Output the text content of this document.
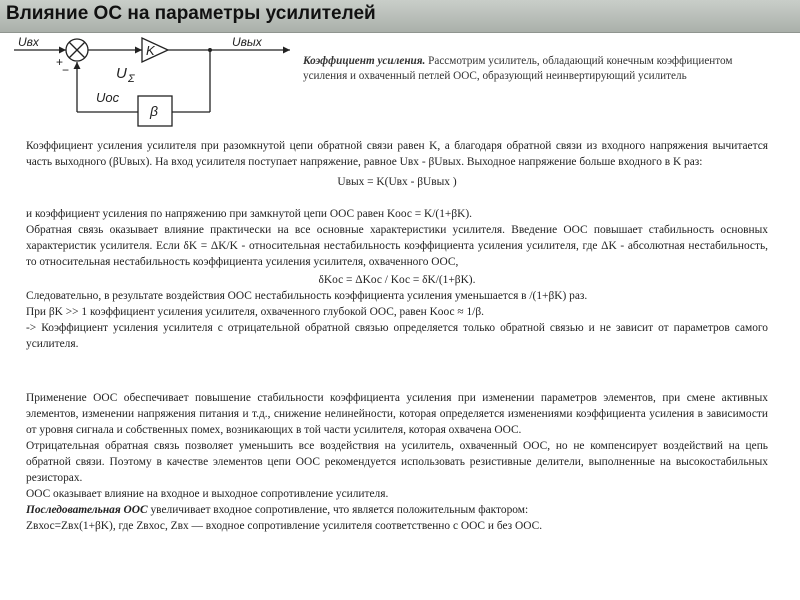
Влияние ОС на параметры усилителей
Uвх	Uвых
U Σ
Uос
K
β
+
−
Коэффициент усиления. Рассмотрим усилитель, обладающий конечным коэффициентом усиления и охваченный петлей ООС, образующий неинвертирующий усилитель

Коэффициент усиления усилителя при разомкнутой цепи обратной связи равен K, а благодаря обратной связи из входного напряжения вычитается часть выходного (βUвых). На вход усилителя поступает напряжение, равное Uвх - βUвых. Выходное напряжение больше входного в K раз:

Uвых = K(Uвх - βUвых )

и коэффициент усиления по напряжению при замкнутой цепи ООС равен Kоос = K/(1+βK).

Обратная связь оказывает влияние практически на все основные характеристики усилителя. Введение ООС повышает стабильность основных характеристик усилителя. Если δK = ΔK/K - относительная нестабильность коэффициента усиления усилителя, где ΔK - абсолютная нестабильность, то относительная нестабильность коэффициента усиления усилителя, охваченного ООС,

δKос = ΔKос / Kос = δK/(1+βK).

Следовательно, в результате воздействия ООС нестабильность коэффициента усиления уменьшается в /(1+βK) раз.

При βK >> 1 коэффициент усиления усилителя, охваченного глубокой ООС, равен Kоос ≈ 1/β.

-> Коэффициент усиления усилителя с отрицательной обратной связью определяется только обратной связью и не зависит от параметров самого усилителя.

Применение ООС обеспечивает повышение стабильности коэффициента усиления при изменении параметров элементов, при смене активных элементов, изменении напряжения питания и т.д., снижение нелинейности, которая определяется изменениями коэффициента усиления в зависимости от уровня сигнала и собственных помех, возникающих в той части усилителя, которая охвачена ООС.

Отрицательная обратная связь позволяет уменьшить все воздействия на усилитель, охваченный ООС, но не компенсирует воздействий на цепь обратной связи. Поэтому в качестве элементов цепи ООС рекомендуется использовать резистивные делители, выполненные на высокостабильных резисторах.

ООС оказывает влияние на входное и выходное сопротивление усилителя.

Последовательная ООС увеличивает входное сопротивление, что является положительным фактором:

Zвхос=Zвх(1+βK), где Zвхос, Zвх — входное сопротивление усилителя соответственно с ООС и без ООС.
